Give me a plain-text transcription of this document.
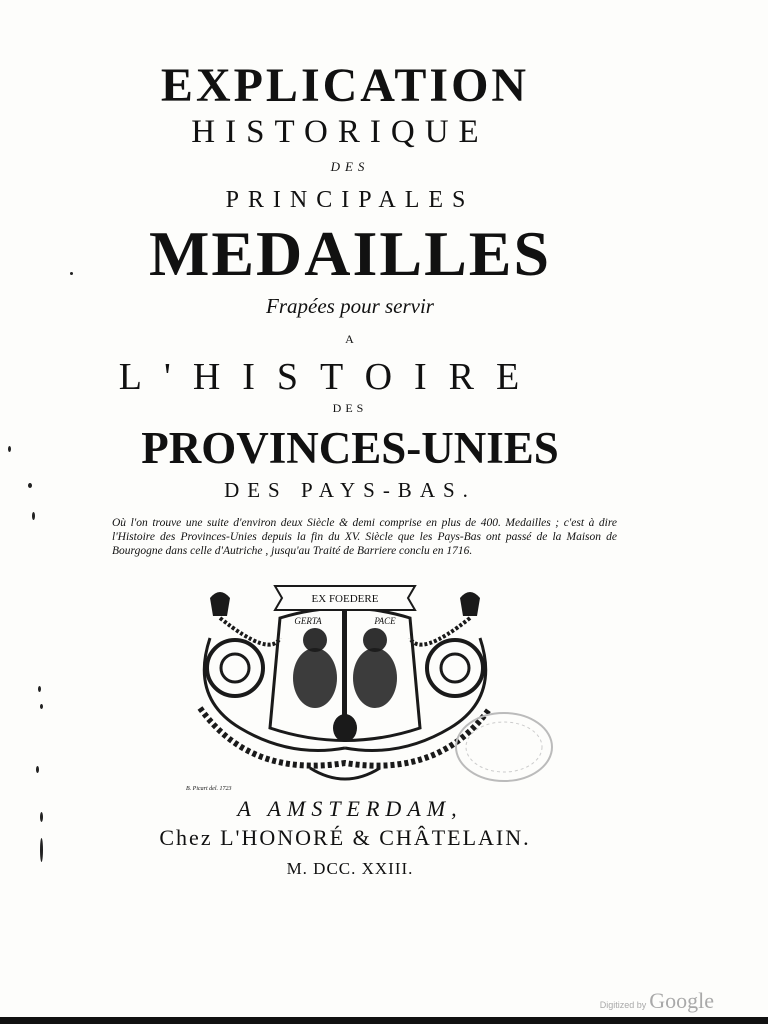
EXPLICATION
HISTORIQUE
DES
PRINCIPALES
MEDAILLES
Frapées pour servir
A
L'HISTOIRE
DES
PROVINCES-UNIES
DES PAYS-BAS.
Où l'on trouve une suite d'environ deux Siècle & demi comprise en plus de 400. Medailles ; c'est à dire l'Histoire des Provinces-Unies depuis la fin du XV. Siècle que les Pays-Bas ont passé de la Maison de Bourgogne dans celle d'Autriche , jusqu'au Traité de Barriere conclu en 1716.
EX FOEDERE
GERTA	PACE
B. Picart del. 1723
A AMSTERDAM,
Chez L'HONORÉ & CHÂTELAIN.
M. DCC. XXIII.
Digitized by Google
